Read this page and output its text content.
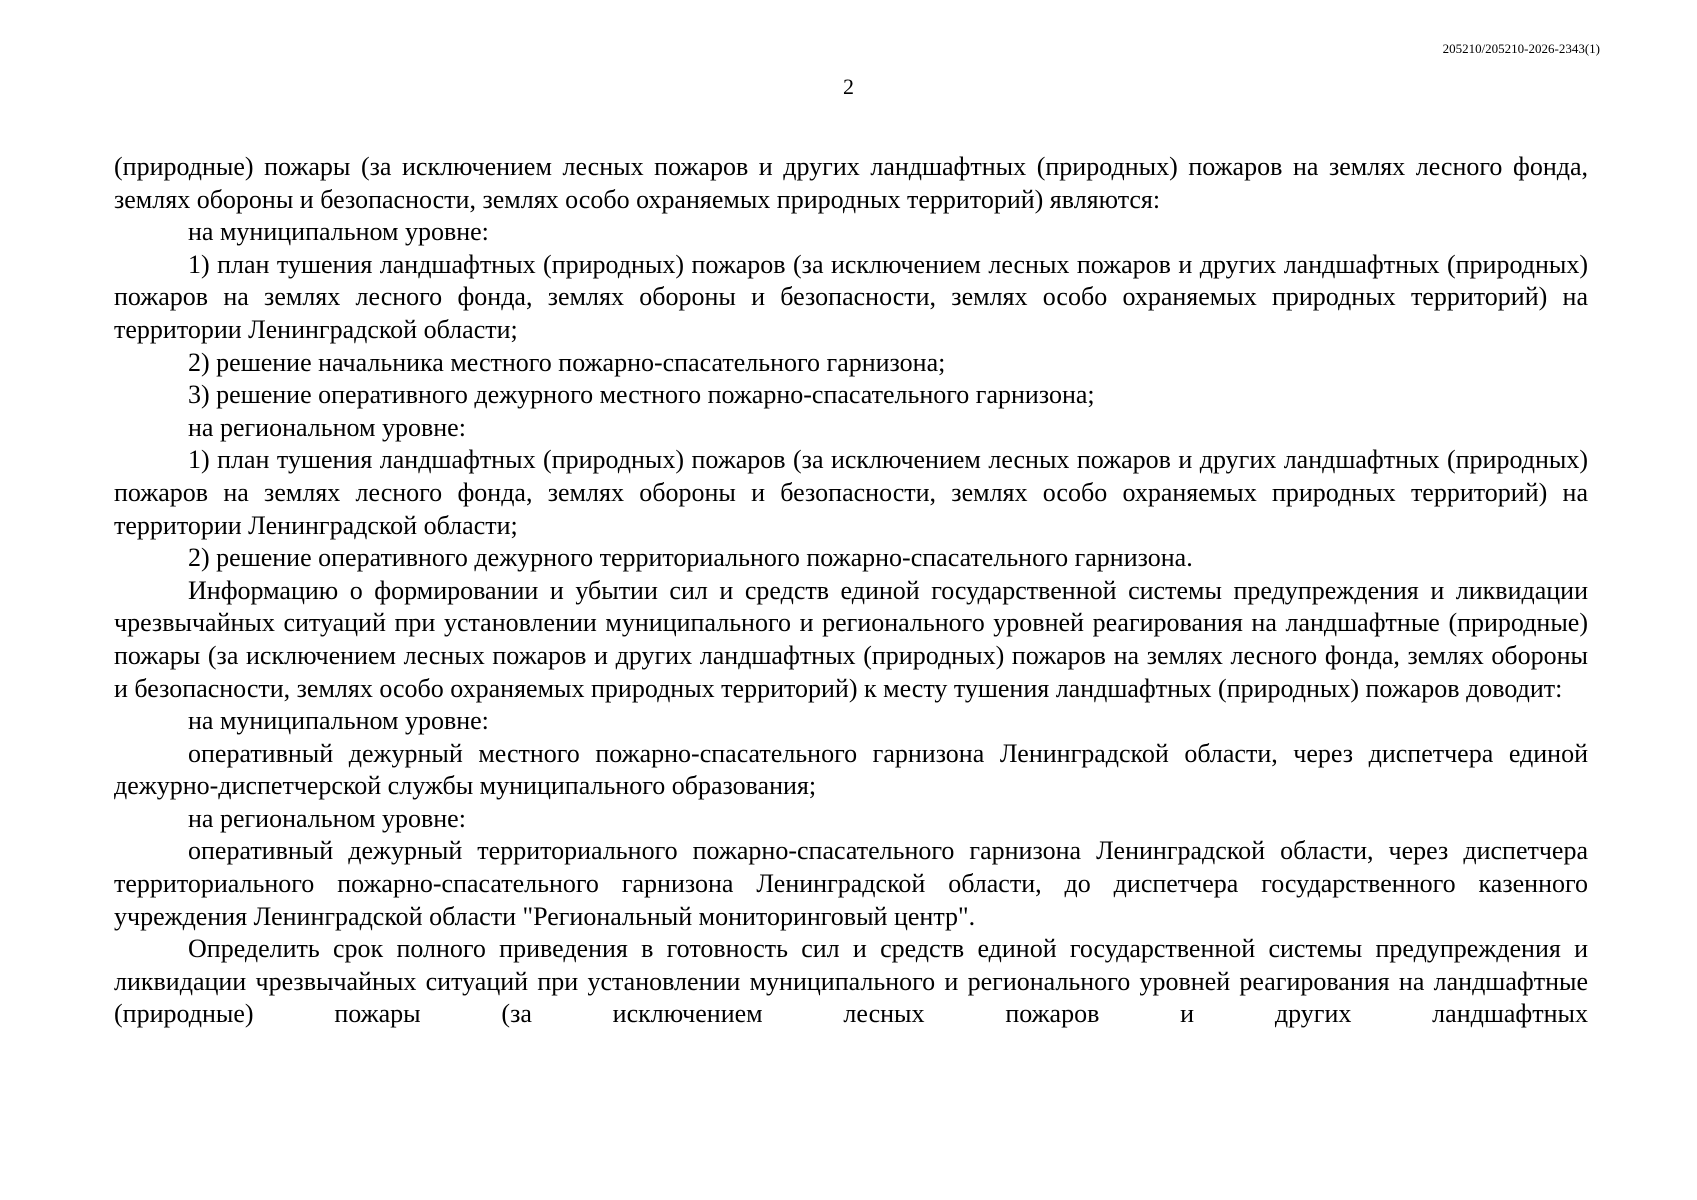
205210/205210-2026-2343(1)
2

(природные) пожары (за исключением лесных пожаров и других ландшафтных (природных) пожаров на землях лесного фонда, землях обороны и безопасности, землях особо охраняемых природных территорий) являются:

на муниципальном уровне:

1) план тушения ландшафтных (природных) пожаров (за исключением лесных пожаров и других ландшафтных (природных) пожаров на землях лесного фонда, землях обороны и безопасности, землях особо охраняемых природных территорий) на территории Ленинградской области;

2) решение начальника местного пожарно-спасательного гарнизона;

3) решение оперативного дежурного местного пожарно-спасательного гарнизона;

на региональном уровне:

1) план тушения ландшафтных (природных) пожаров (за исключением лесных пожаров и других ландшафтных (природных) пожаров на землях лесного фонда, землях обороны и безопасности, землях особо охраняемых природных территорий) на территории Ленинградской области;

2) решение оперативного дежурного территориального пожарно-спасательного гарнизона.

Информацию о формировании и убытии сил и средств единой государственной системы предупреждения и ликвидации чрезвычайных ситуаций при установлении муниципального и регионального уровней реагирования на ландшафтные (природные) пожары (за исключением лесных пожаров и других ландшафтных (природных) пожаров на землях лесного фонда, землях обороны и безопасности, землях особо охраняемых природных территорий) к месту тушения ландшафтных (природных) пожаров доводит:

на муниципальном уровне:

оперативный дежурный местного пожарно-спасательного гарнизона Ленинградской области, через диспетчера единой дежурно-диспетчерской службы муниципального образования;

на региональном уровне:

оперативный дежурный территориального пожарно-спасательного гарнизона Ленинградской области, через диспетчера территориального пожарно-спасательного гарнизона Ленинградской области, до диспетчера государственного казенного учреждения Ленинградской области "Региональный мониторинговый центр".

Определить срок полного приведения в готовность сил и средств единой государственной системы предупреждения и ликвидации чрезвычайных ситуаций при установлении муниципального и регионального уровней реагирования на ландшафтные (природные) пожары (за исключением лесных пожаров и других ландшафтных
